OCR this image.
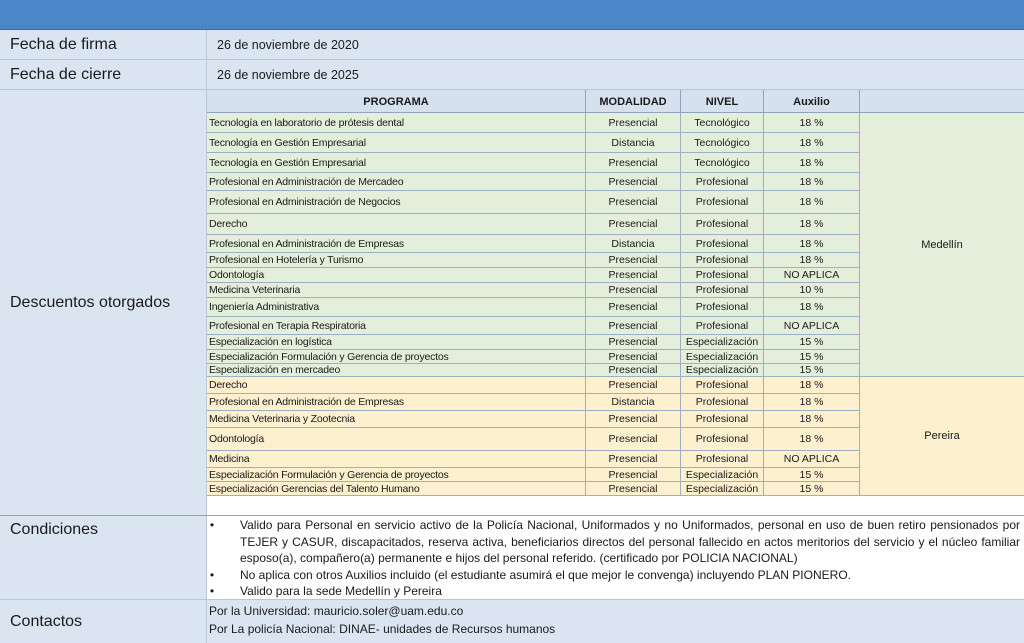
Fecha de firma	26 de noviembre de 2020
Fecha de cierre	26 de noviembre de 2025
Descuentos otorgados
PROGRAMA	MODALIDAD	NIVEL	Auxilio
Tecnología en laboratorio de prótesis dental	Presencial	Tecnológico	18 %
Tecnología en Gestión Empresarial	Distancia	Tecnológico	18 %
Tecnología en Gestión Empresarial	Presencial	Tecnológico	18 %
Profesional en Administración de Mercadeo	Presencial	Profesional	18 %
Profesional en Administración de Negocios	Presencial	Profesional	18 %
Derecho	Presencial	Profesional	18 %
Profesional en Administración de Empresas	Distancia	Profesional	18 %
Profesional en Hotelería y Turismo	Presencial	Profesional	18 %
Odontología	Presencial	Profesional	NO APLICA
Medicina Veterinaria	Presencial	Profesional	10 %
Ingeniería Administrativa	Presencial	Profesional	18 %
Profesional en Terapia Respiratoria	Presencial	Profesional	NO APLICA
Especialización en logística	Presencial	Especialización	15 %
Especialización Formulación y Gerencia de proyectos	Presencial	Especialización	15 %
Especialización en mercadeo	Presencial	Especialización	15 %
Medellín
Derecho	Presencial	Profesional	18 %
Profesional en Administración de Empresas	Distancia	Profesional	18 %
Medicina Veterinaria y Zootecnia	Presencial	Profesional	18 %
Odontología	Presencial	Profesional	18 %
Medicina	Presencial	Profesional	NO APLICA
Especialización Formulación y Gerencia de proyectos	Presencial	Especialización	15 %
Especialización Gerencias del Talento Humano	Presencial	Especialización	15 %
Pereira
Condiciones	• Valido para Personal en servicio activo de la Policía Nacional, Uniformados y no Uniformados, personal en uso de buen retiro pensionados por TEJER y CASUR, discapacitados, reserva activa, beneficiarios directos del personal fallecido en actos meritorios del servicio y el núcleo familiar esposo(a), compañero(a) permanente e hijos del personal referido. (certificado por POLICIA NACIONAL)
• No aplica con otros Auxilios incluido (el estudiante asumirá el que mejor le convenga) incluyendo PLAN PIONERO.
• Valido para la sede Medellín y Pereira
Contactos
Por la Universidad: mauricio.soler@uam.edu.co
Por La policía Nacional: DINAE- unidades de Recursos humanos
